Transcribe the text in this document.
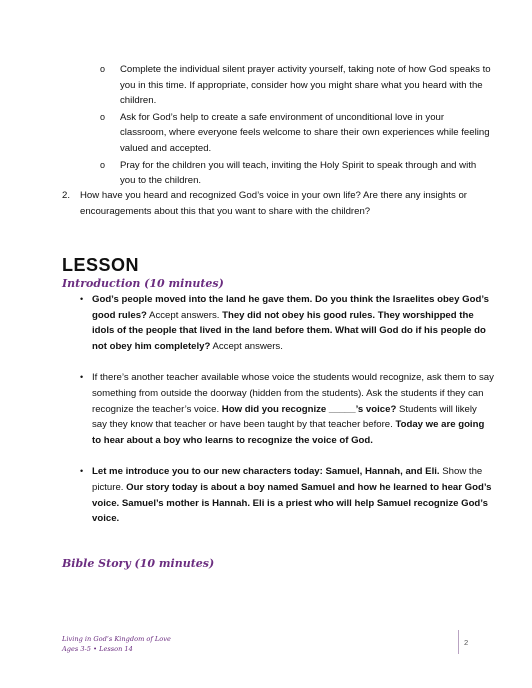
o Complete the individual silent prayer activity yourself, taking note of how God speaks to you in this time. If appropriate, consider how you might share what you heard with the children.
o Ask for God’s help to create a safe environment of unconditional love in your classroom, where everyone feels welcome to share their own experiences while feeling valued and accepted.
o Pray for the children you will teach, inviting the Holy Spirit to speak through and with you to the children.
2. How have you heard and recognized God’s voice in your own life? Are there any insights or encouragements about this that you want to share with the children?
LESSON
Introduction (10 minutes)
• God’s people moved into the land he gave them. Do you think the Israelites obey God’s good rules? Accept answers. They did not obey his good rules. They worshipped the idols of the people that lived in the land before them. What will God do if his people do not obey him completely? Accept answers.
• If there’s another teacher available whose voice the students would recognize, ask them to say something from outside the doorway (hidden from the students). Ask the students if they can recognize the teacher’s voice. How did you recognize _____’s voice? Students will likely say they know that teacher or have been taught by that teacher before. Today we are going to hear about a boy who learns to recognize the voice of God.
• Let me introduce you to our new characters today: Samuel, Hannah, and Eli. Show the picture. Our story today is about a boy named Samuel and how he learned to hear God’s voice. Samuel’s mother is Hannah. Eli is a priest who will help Samuel recognize God’s voice.
Bible Story (10 minutes)
Living in God’s Kingdom of Love
Ages 3-5 • Lesson 14
2
